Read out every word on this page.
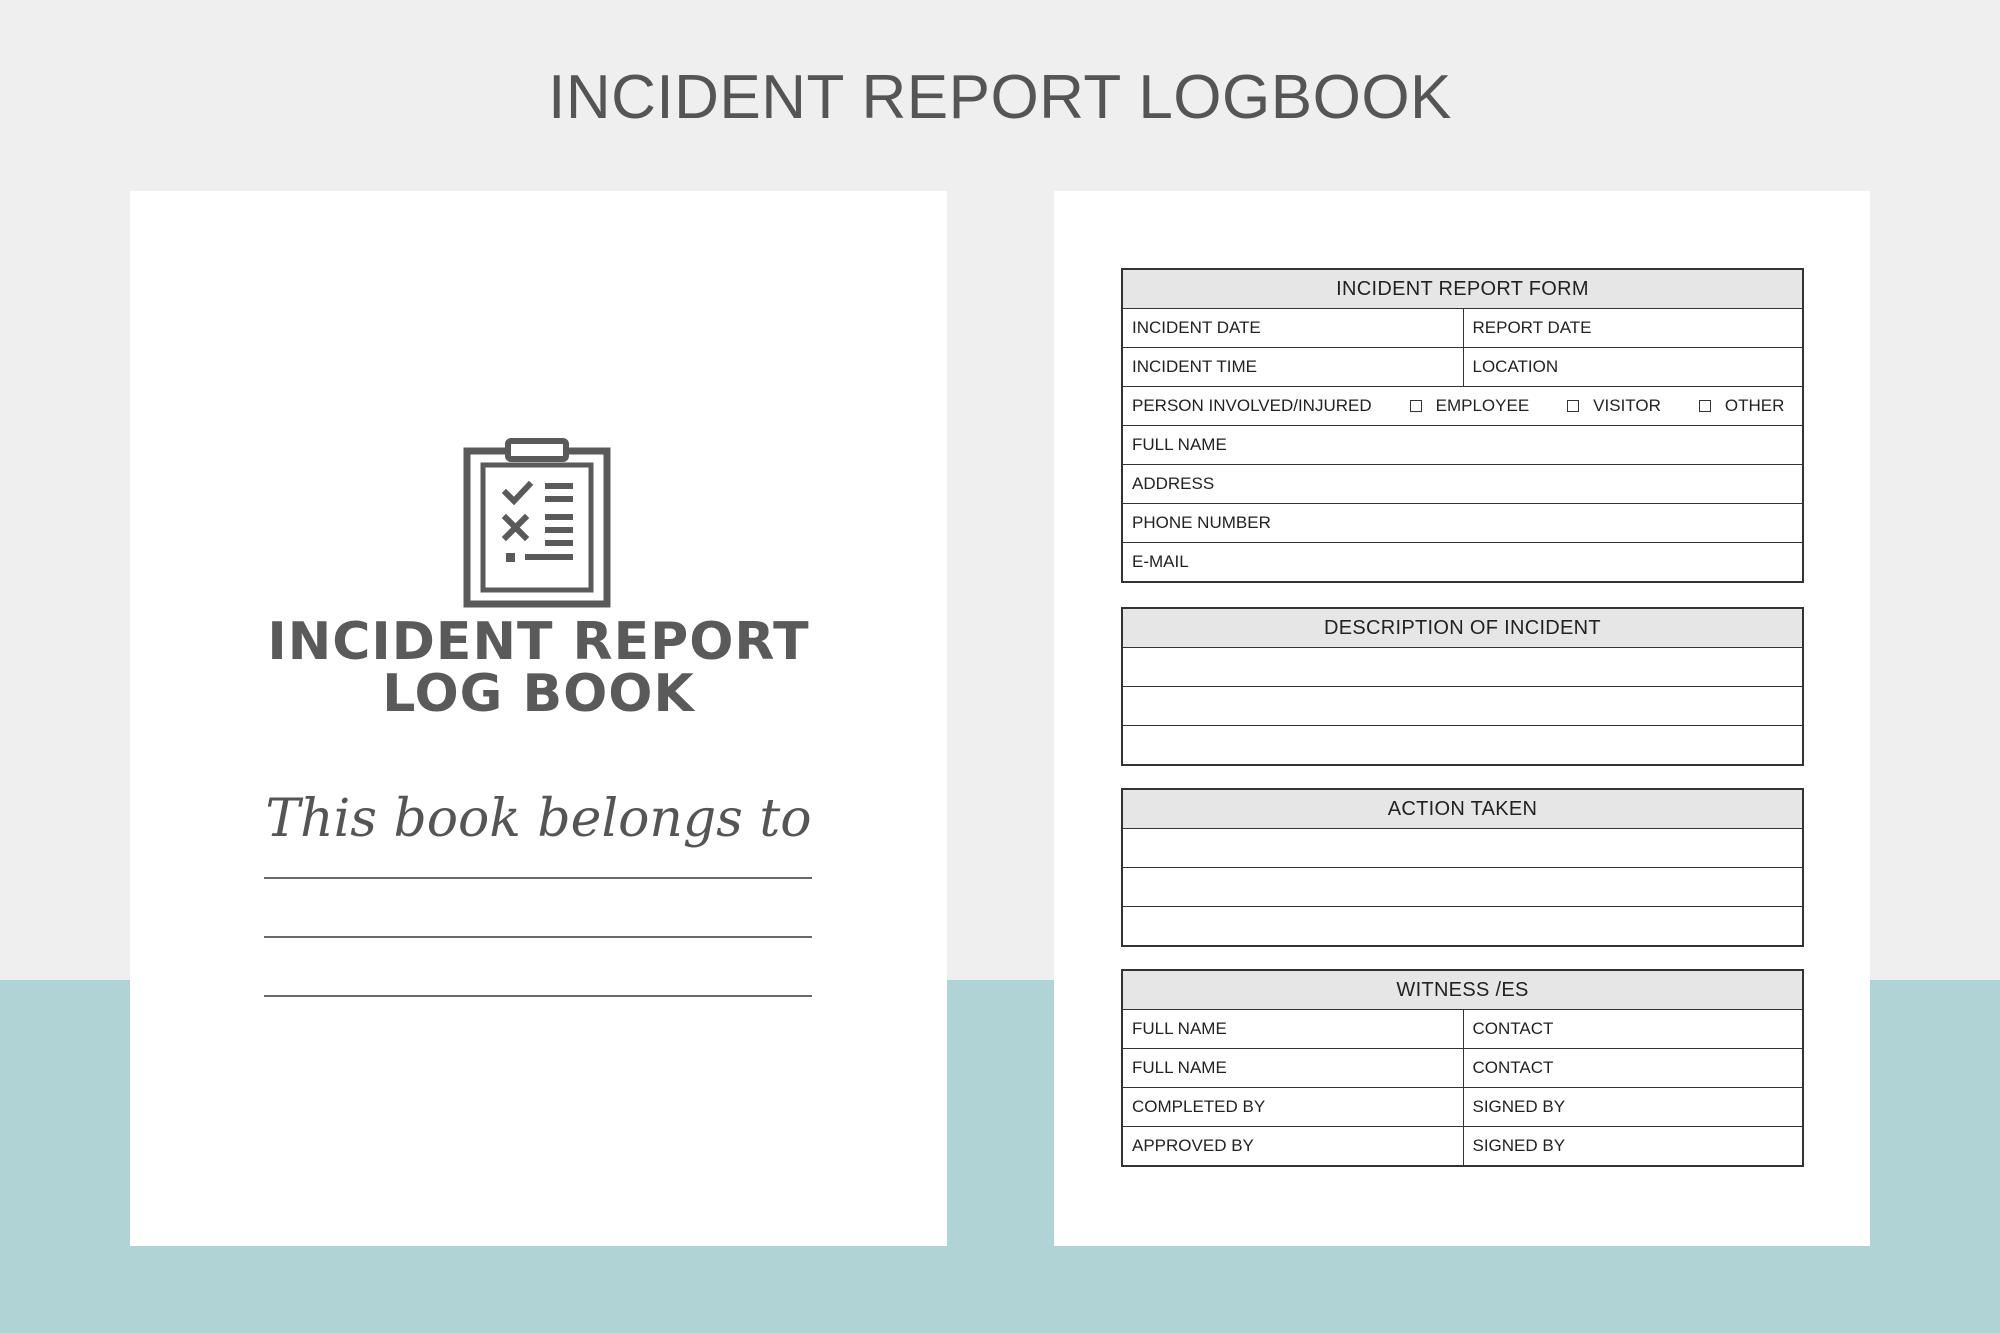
INCIDENT REPORT LOGBOOK
INCIDENT REPORT
LOG BOOK
This book belongs to
INCIDENT REPORT FORM
INCIDENT DATE	REPORT DATE
INCIDENT TIME	LOCATION
PERSON INVOLVED/INJURED	EMPLOYEE	VISITOR	OTHER
FULL NAME
ADDRESS
PHONE NUMBER
E-MAIL
DESCRIPTION OF INCIDENT
ACTION TAKEN
WITNESS /ES
FULL NAME	CONTACT
FULL NAME	CONTACT
COMPLETED BY	SIGNED BY
APPROVED BY	SIGNED BY
